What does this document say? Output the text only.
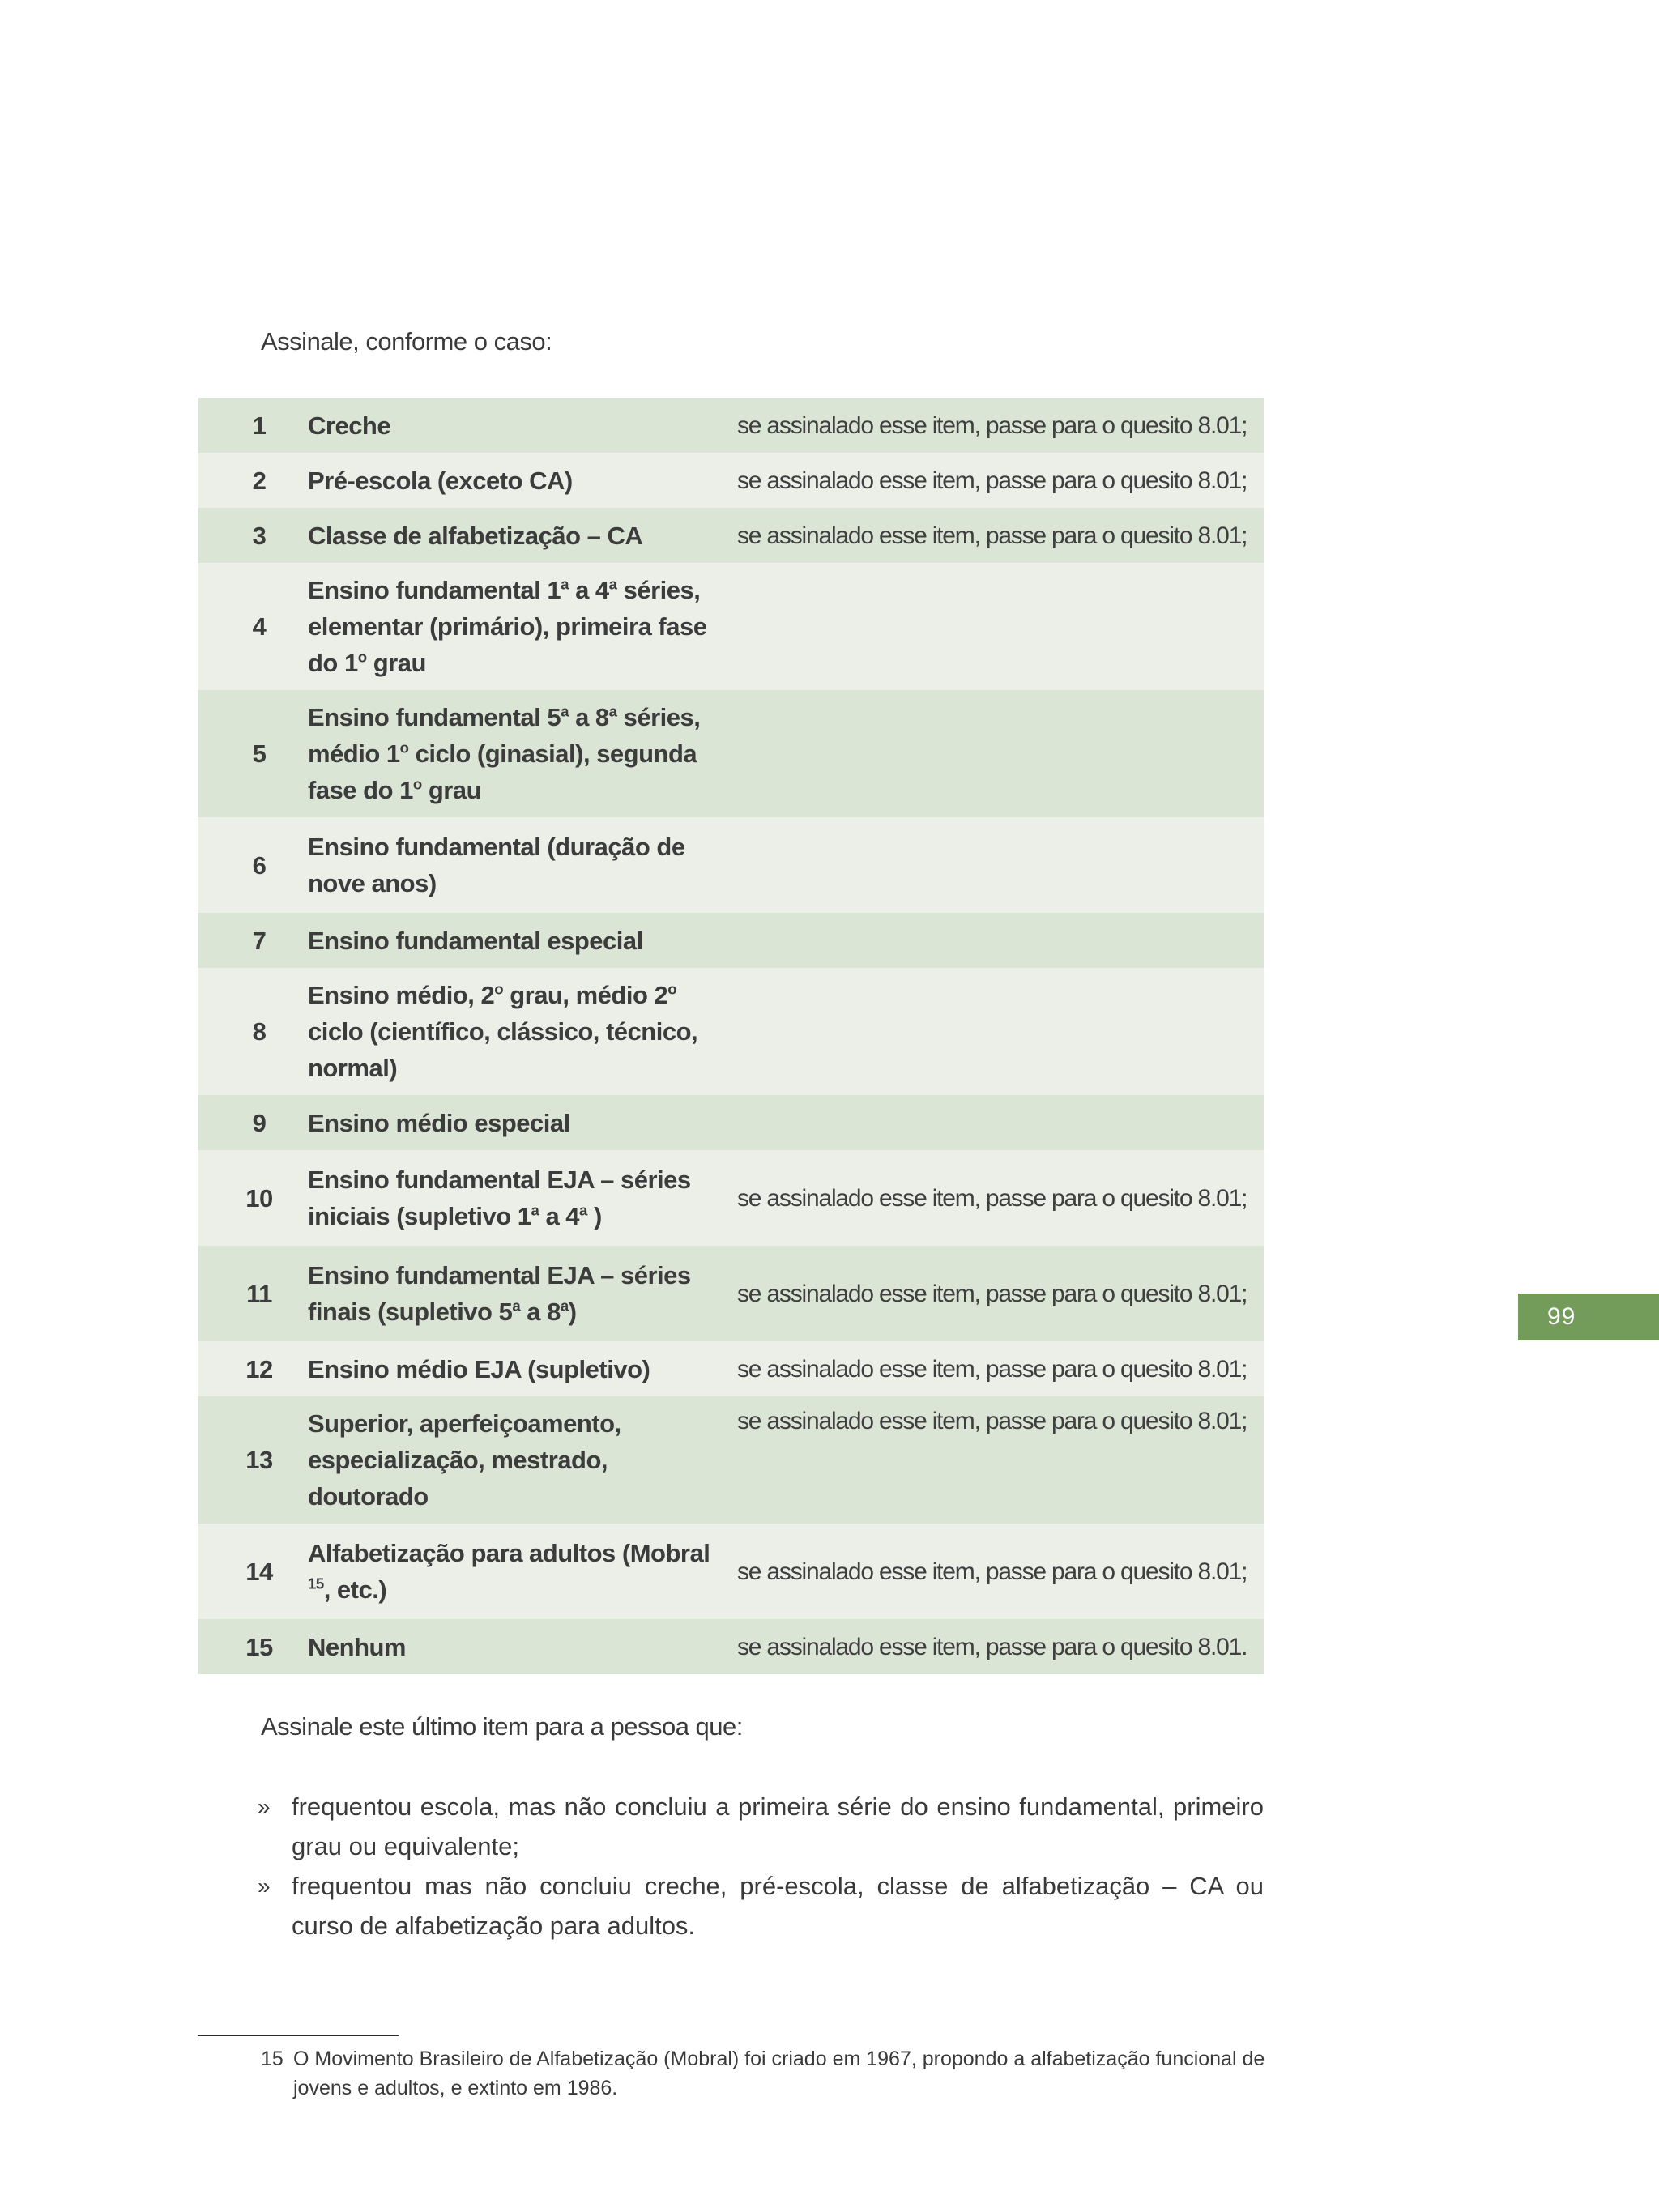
Assinale, conforme o caso:
1	Creche	se assinalado esse item, passe para o quesito 8.01;
2	Pré-escola (exceto CA)	se assinalado esse item, passe para o quesito 8.01;
3	Classe de alfabetização – CA	se assinalado esse item, passe para o quesito 8.01;
4	Ensino fundamental 1$^a$ a 4$^a$ séries, elementar (primário), primeira fase do 1$^o$ grau	
5	Ensino fundamental 5$^a$ a 8$^a$ séries, médio 1$^o$ ciclo (ginasial), segunda fase do 1$^o$ grau	
6	Ensino fundamental (duração de nove anos)	
7	Ensino fundamental especial	
8	Ensino médio, 2$^o$ grau, médio 2$^o$ ciclo (científico, clássico, técnico, normal)	
9	Ensino médio especial	
10	Ensino fundamental EJA – séries iniciais (supletivo 1$^a$ a 4$^a$ )	se assinalado esse item, passe para o quesito 8.01;
11	Ensino fundamental EJA – séries finais (supletivo 5$^a$ a 8$^a$)	se assinalado esse item, passe para o quesito 8.01;
12	Ensino médio EJA (supletivo)	se assinalado esse item, passe para o quesito 8.01;
13	Superior, aperfeiçoamento, especialização, mestrado, doutorado	se assinalado esse item, passe para o quesito 8.01;
14	Alfabetização para adultos (Mobral $^{15}$, etc.)	se assinalado esse item, passe para o quesito 8.01;
15	Nenhum	se assinalado esse item, passe para o quesito 8.01.
Assinale este último item para a pessoa que:
» frequentou escola, mas não concluiu a primeira série do ensino fundamental, primeiro grau ou equivalente;
» frequentou mas não concluiu creche, pré-escola, classe de alfabetização – CA ou curso de alfabetização para adultos.
15 O Movimento Brasileiro de Alfabetização (Mobral) foi criado em 1967, propondo a alfabetização funcional de jovens e adultos, e extinto em 1986.
99
